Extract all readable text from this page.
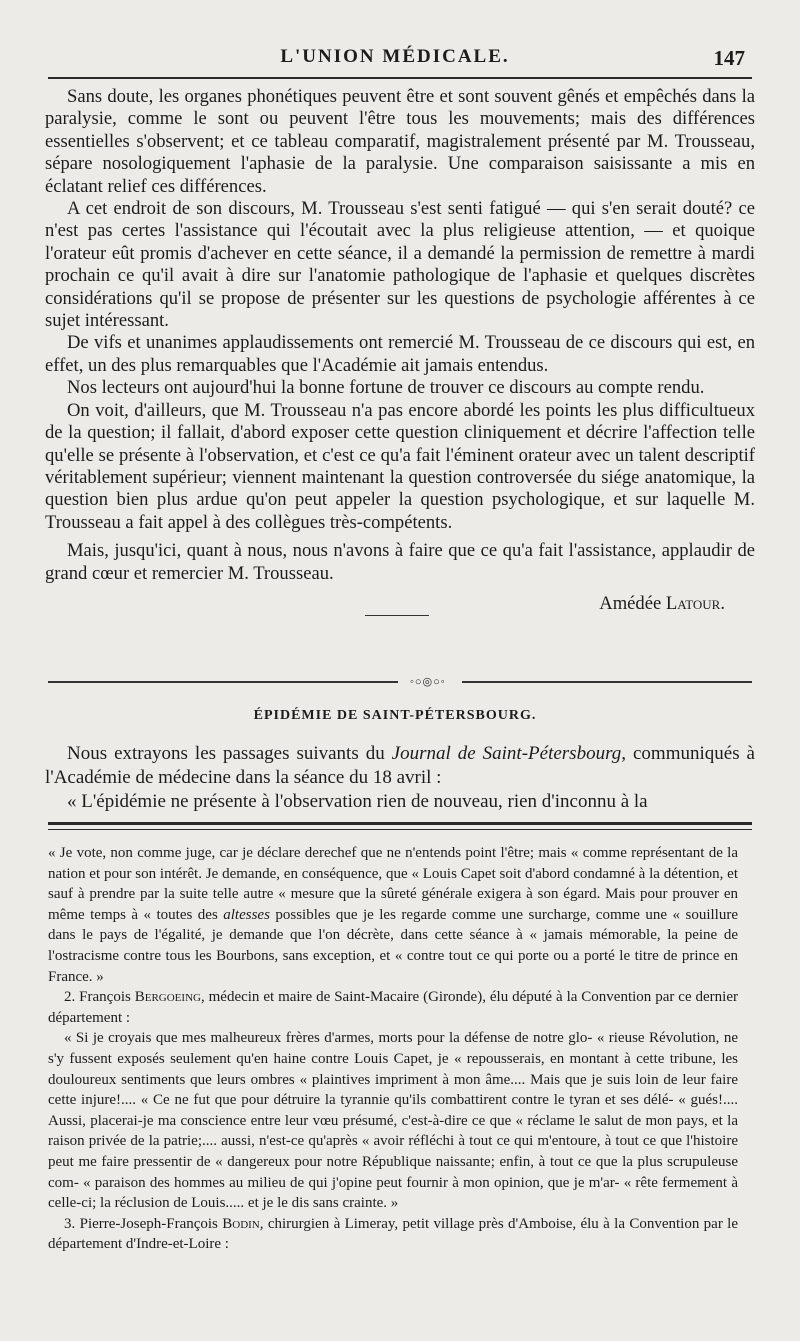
L'UNION MÉDICALE.	147

Sans doute, les organes phonétiques peuvent être et sont souvent gênés et empêchés dans la paralysie, comme le sont ou peuvent l'être tous les mouvements; mais des différences essentielles s'observent; et ce tableau comparatif, magistralement présenté par M. Trousseau, sépare nosologiquement l'aphasie de la paralysie. Une comparaison saisissante a mis en éclatant relief ces différences.

A cet endroit de son discours, M. Trousseau s'est senti fatigué — qui s'en serait douté? ce n'est pas certes l'assistance qui l'écoutait avec la plus religieuse attention, — et quoique l'orateur eût promis d'achever en cette séance, il a demandé la permission de remettre à mardi prochain ce qu'il avait à dire sur l'anatomie pathologique de l'aphasie et quelques discrètes considérations qu'il se propose de présenter sur les questions de psychologie afférentes à ce sujet intéressant.

De vifs et unanimes applaudissements ont remercié M. Trousseau de ce discours qui est, en effet, un des plus remarquables que l'Académie ait jamais entendus.

Nos lecteurs ont aujourd'hui la bonne fortune de trouver ce discours au compte rendu.

On voit, d'ailleurs, que M. Trousseau n'a pas encore abordé les points les plus difficultueux de la question; il fallait, d'abord exposer cette question cliniquement et décrire l'affection telle qu'elle se présente à l'observation, et c'est ce qu'a fait l'éminent orateur avec un talent descriptif véritablement supérieur; viennent maintenant la question controversée du siége anatomique, la question bien plus ardue qu'on peut appeler la question psychologique, et sur laquelle M. Trousseau a fait appel à des collègues très-compétents.

Mais, jusqu'ici, quant à nous, nous n'avons à faire que ce qu'a fait l'assistance, applaudir de grand cœur et remercier M. Trousseau.

Amédée Latour.

◦○◎○◦
ÉPIDÉMIE DE SAINT-PÉTERSBOURG.

Nous extrayons les passages suivants du Journal de Saint-Pétersbourg, communiqués à l'Académie de médecine dans la séance du 18 avril :

« L'épidémie ne présente à l'observation rien de nouveau, rien d'inconnu à la

« Je vote, non comme juge, car je déclare derechef que ne n'entends point l'être; mais « comme représentant de la nation et pour son intérêt. Je demande, en conséquence, que « Louis Capet soit d'abord condamné à la détention, et sauf à prendre par la suite telle autre « mesure que la sûreté générale exigera à son égard. Mais pour prouver en même temps à « toutes des altesses possibles que je les regarde comme une surcharge, comme une « souillure dans le pays de l'égalité, je demande que l'on décrète, dans cette séance à « jamais mémorable, la peine de l'ostracisme contre tous les Bourbons, sans exception, et « contre tout ce qui porte ou a porté le titre de prince en France. »

2. François Bergoeing, médecin et maire de Saint-Macaire (Gironde), élu député à la Convention par ce dernier département :

« Si je croyais que mes malheureux frères d'armes, morts pour la défense de notre glo- « rieuse Révolution, ne s'y fussent exposés seulement qu'en haine contre Louis Capet, je « repousserais, en montant à cette tribune, les douloureux sentiments que leurs ombres « plaintives impriment à mon âme.... Mais que je suis loin de leur faire cette injure!.... « Ce ne fut que pour détruire la tyrannie qu'ils combattirent contre le tyran et ses délé- « gués!.... Aussi, placerai-je ma conscience entre leur vœu présumé, c'est-à-dire ce que « réclame le salut de mon pays, et la raison privée de la patrie;.... aussi, n'est-ce qu'après « avoir réfléchi à tout ce qui m'entoure, à tout ce que l'histoire peut me faire pressentir de « dangereux pour notre République naissante; enfin, à tout ce que la plus scrupuleuse com- « paraison des hommes au milieu de qui j'opine peut fournir à mon opinion, que je m'ar- « rête fermement à celle-ci; la réclusion de Louis..... et je le dis sans crainte. »

3. Pierre-Joseph-François Bodin, chirurgien à Limeray, petit village près d'Amboise, élu à la Convention par le département d'Indre-et-Loire :
